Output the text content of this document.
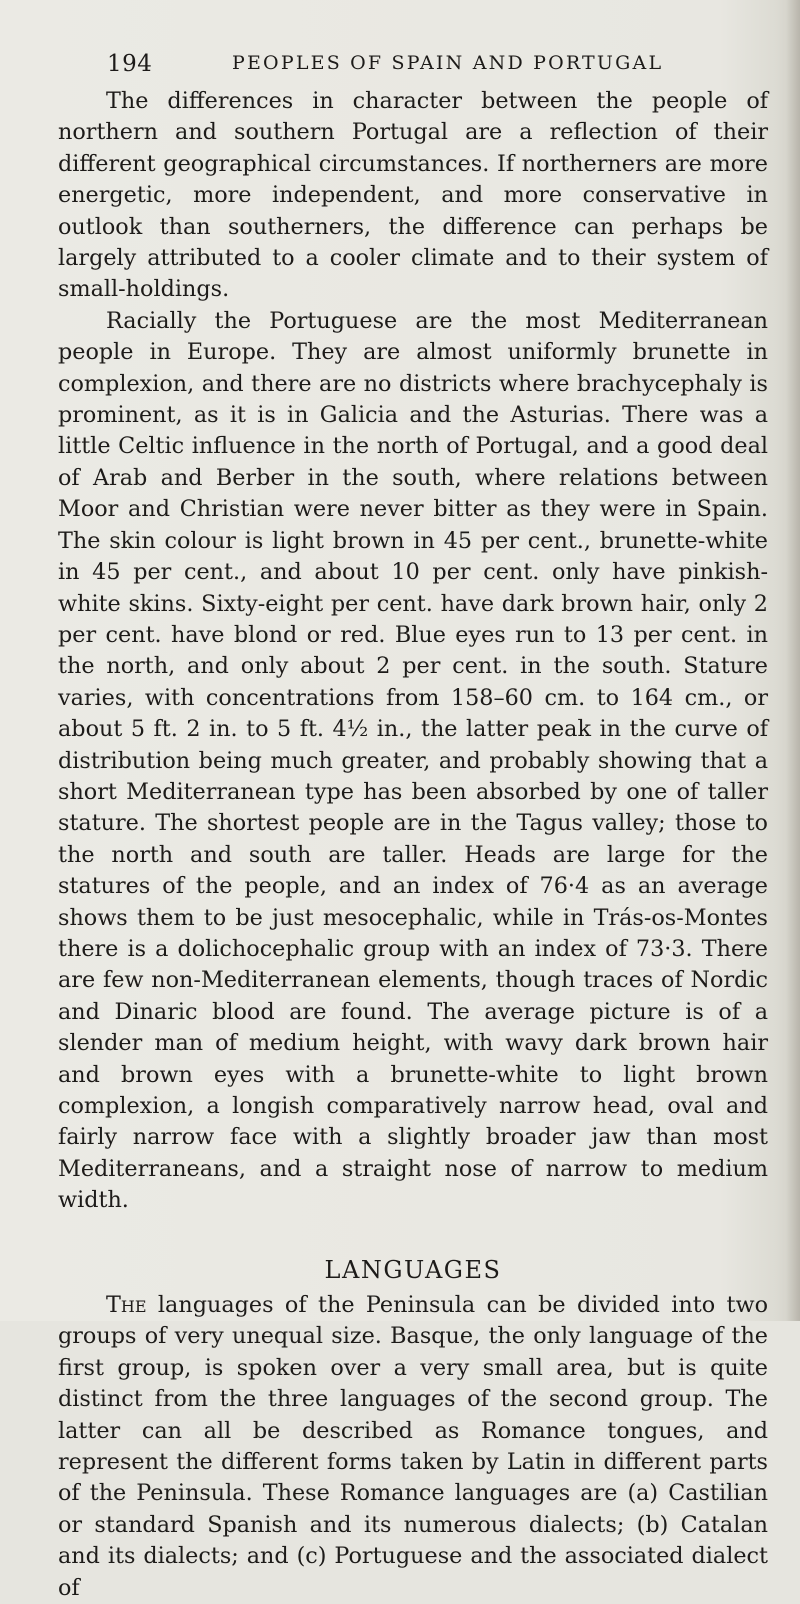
194	PEOPLES OF SPAIN AND PORTUGAL

The differences in character between the people of northern and southern Portugal are a reflection of their different geographical circumstances. If northerners are more energetic, more independent, and more conservative in outlook than southerners, the difference can perhaps be largely attributed to a cooler climate and to their system of small-holdings.

Racially the Portuguese are the most Mediterranean people in Europe. They are almost uniformly brunette in complexion, and there are no districts where brachycephaly is prominent, as it is in Galicia and the Asturias. There was a little Celtic influence in the north of Portugal, and a good deal of Arab and Berber in the south, where relations between Moor and Christian were never bitter as they were in Spain. The skin colour is light brown in 45 per cent., brunette-white in 45 per cent., and about 10 per cent. only have pinkish-white skins. Sixty-eight per cent. have dark brown hair, only 2 per cent. have blond or red. Blue eyes run to 13 per cent. in the north, and only about 2 per cent. in the south. Stature varies, with concentrations from 158–60 cm. to 164 cm., or about 5 ft. 2 in. to 5 ft. 4½ in., the latter peak in the curve of distribution being much greater, and probably showing that a short Mediterranean type has been absorbed by one of taller stature. The shortest people are in the Tagus valley; those to the north and south are taller. Heads are large for the statures of the people, and an index of 76·4 as an average shows them to be just mesocephalic, while in Trás-os-Montes there is a dolichocephalic group with an index of 73·3. There are few non-Mediterranean elements, though traces of Nordic and Dinaric blood are found. The average picture is of a slender man of medium height, with wavy dark brown hair and brown eyes with a brunette-white to light brown complexion, a longish comparatively narrow head, oval and fairly narrow face with a slightly broader jaw than most Mediterraneans, and a straight nose of narrow to medium width.

LANGUAGES

The languages of the Peninsula can be divided into two groups of very unequal size. Basque, the only language of the first group, is spoken over a very small area, but is quite distinct from the three languages of the second group. The latter can all be described as Romance tongues, and represent the different forms taken by Latin in different parts of the Peninsula. These Romance languages are (a) Castilian or standard Spanish and its numerous dialects; (b) Catalan and its dialects; and (c) Portuguese and the associated dialect of
